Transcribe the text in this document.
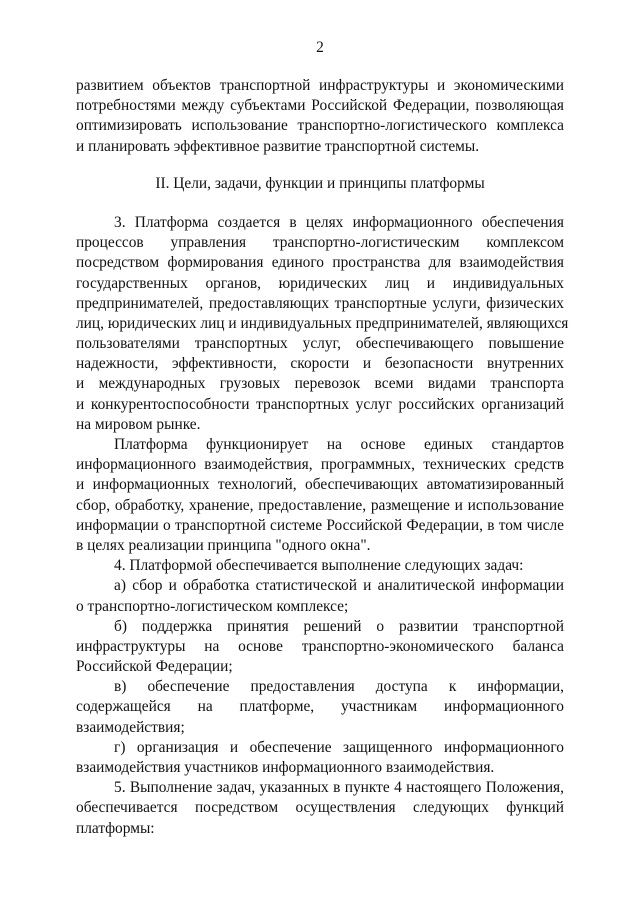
2
развитием объектов транспортной инфраструктуры и экономическими
потребностями между субъектами Российской Федерации, позволяющая
оптимизировать использование транспортно-логистического комплекса
и планировать эффективное развитие транспортной системы.
II. Цели, задачи, функции и принципы платформы
3. Платформа создается в целях информационного обеспечения
процессов управления транспортно-логистическим комплексом
посредством формирования единого пространства для взаимодействия
государственных органов, юридических лиц и индивидуальных
предпринимателей, предоставляющих транспортные услуги, физических
лиц, юридических лиц и индивидуальных предпринимателей, являющихся
пользователями транспортных услуг, обеспечивающего повышение
надежности, эффективности, скорости и безопасности внутренних
и международных грузовых перевозок всеми видами транспорта
и конкурентоспособности транспортных услуг российских организаций
на мировом рынке.
Платформа функционирует на основе единых стандартов
информационного взаимодействия, программных, технических средств
и информационных технологий, обеспечивающих автоматизированный
сбор, обработку, хранение, предоставление, размещение и использование
информации о транспортной системе Российской Федерации, в том числе
в целях реализации принципа "одного окна".
4. Платформой обеспечивается выполнение следующих задач:
а) сбор и обработка статистической и аналитической информации
о транспортно-логистическом комплексе;
б) поддержка принятия решений о развитии транспортной
инфраструктуры на основе транспортно-экономического баланса
Российской Федерации;
в) обеспечение предоставления доступа к информации,
содержащейся на платформе, участникам информационного
взаимодействия;
г) организация и обеспечение защищенного информационного
взаимодействия участников информационного взаимодействия.
5. Выполнение задач, указанных в пункте 4 настоящего Положения,
обеспечивается посредством осуществления следующих функций
платформы:
